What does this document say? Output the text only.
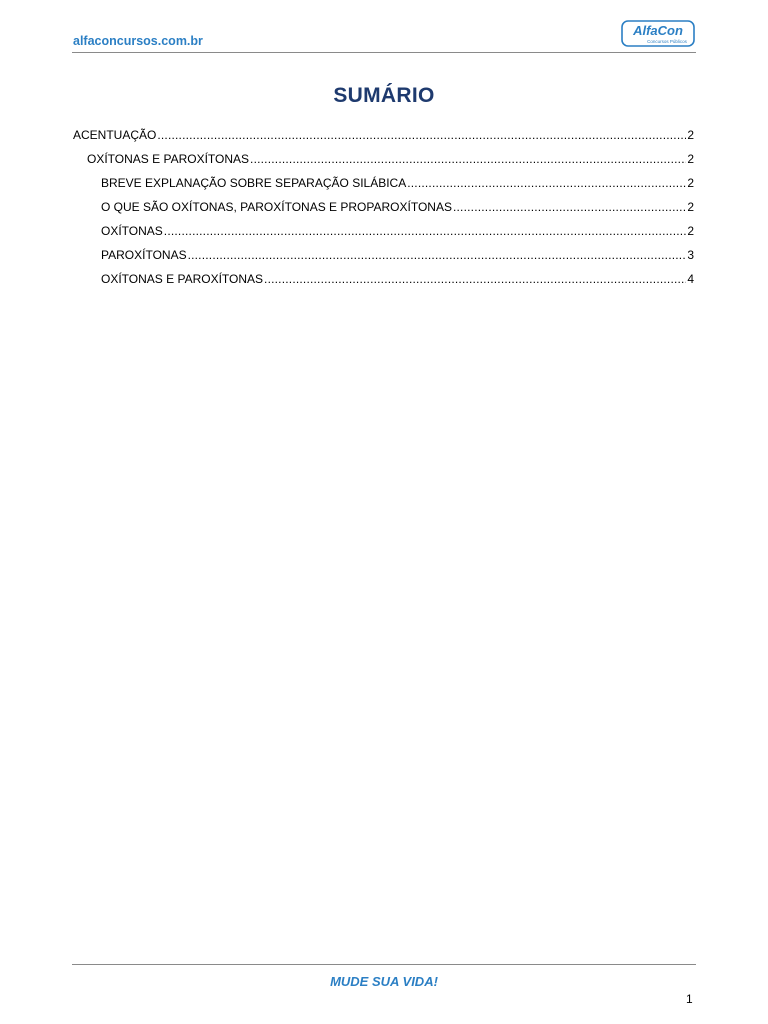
alfaconcursos.com.br
AlfaCon
Concursos Públicos
SUMÁRIO
ACENTUAÇÃO .....	2
OXÍTONAS E PAROXÍTONAS .....	2
BREVE EXPLANAÇÃO SOBRE SEPARAÇÃO SILÁBICA .....	2
O QUE SÃO OXÍTONAS, PAROXÍTONAS E PROPAROXÍTONAS .....	2
OXÍTONAS .....	2
PAROXÍTONAS .....	3
OXÍTONAS E PAROXÍTONAS .....	4
MUDE SUA VIDA!
1
